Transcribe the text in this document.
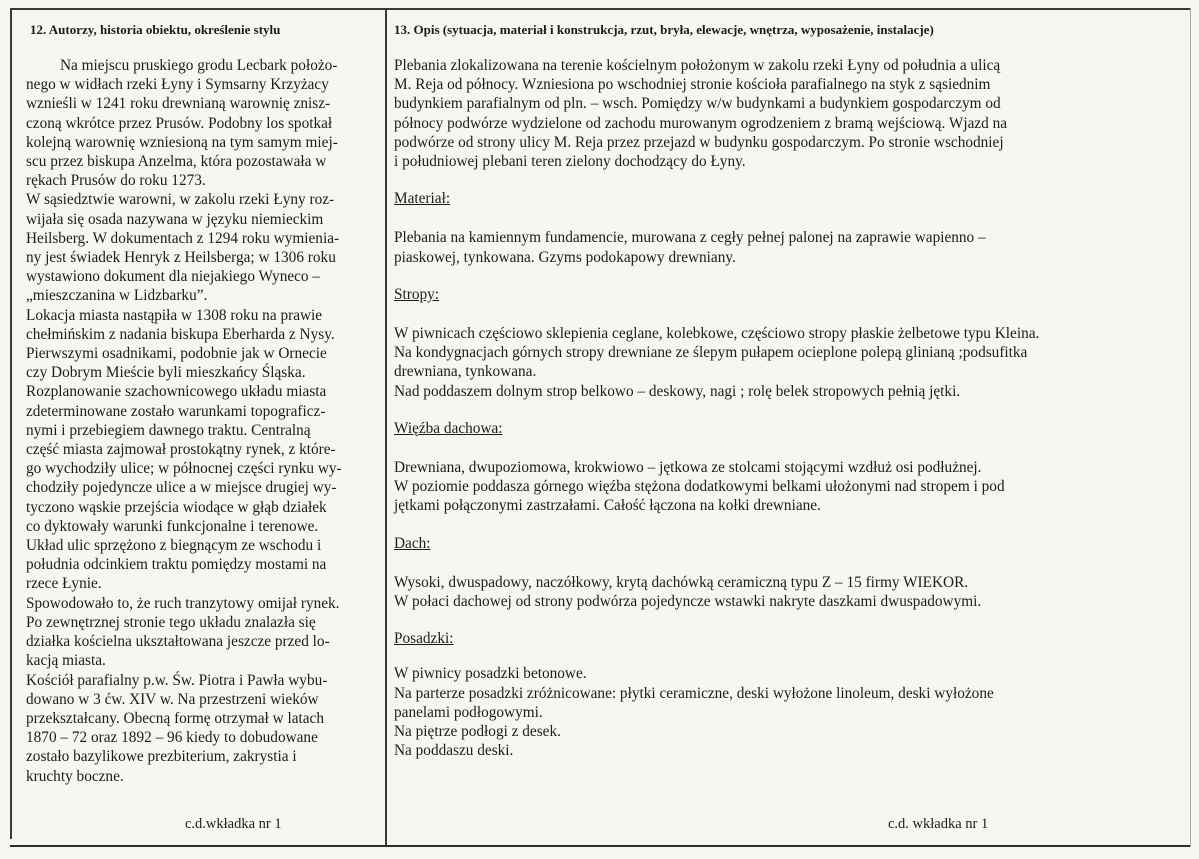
12. Autorzy, historia obiektu, określenie stylu
Na miejscu pruskiego grodu Lecbark położo-
nego w widłach rzeki Łyny i Symsarny Krzyżacy
wznieśli w 1241 roku drewnianą warownię znisz-
czoną wkrótce przez Prusów. Podobny los spotkał
kolejną warownię wzniesioną na tym samym miej-
scu przez biskupa Anzelma, która pozostawała w
rękach Prusów do roku 1273.
W sąsiedztwie warowni, w zakolu rzeki Łyny roz-
wijała się osada nazywana w języku niemieckim
Heilsberg. W dokumentach z 1294 roku wymienia-
ny jest świadek Henryk z Heilsberga; w 1306 roku
wystawiono dokument dla niejakiego Wyneco –
„mieszczanina w Lidzbarku”.
Lokacja miasta nastąpiła w 1308 roku na prawie
chełmińskim z nadania biskupa Eberharda z Nysy.
Pierwszymi osadnikami, podobnie jak w Ornecie
czy Dobrym Mieście byli mieszkańcy Śląska.
Rozplanowanie szachownicowego układu miasta
zdeterminowane zostało warunkami topograficz-
nymi i przebiegiem dawnego traktu. Centralną
część miasta zajmował prostokątny rynek, z które-
go wychodziły ulice; w północnej części rynku wy-
chodziły pojedyncze ulice a w miejsce drugiej wy-
tyczono wąskie przejścia wiodące w głąb działek
co dyktowały warunki funkcjonalne i terenowe.
Układ ulic sprzężono z biegnącym ze wschodu i
południa odcinkiem traktu pomiędzy mostami na
rzece Łynie.
Spowodowało to, że ruch tranzytowy omijał rynek.
Po zewnętrznej stronie tego układu znalazła się
działka kościelna ukształtowana jeszcze przed lo-
kacją miasta.
Kościół parafialny p.w. Św. Piotra i Pawła wybu-
dowano w 3 ćw. XIV w. Na przestrzeni wieków
przekształcany. Obecną formę otrzymał w latach
1870 – 72 oraz 1892 – 96 kiedy to dobudowane
zostało bazylikowe prezbiterium, zakrystia i
kruchty boczne.
13. Opis (sytuacja, materiał i konstrukcja, rzut, bryła, elewacje, wnętrza, wyposażenie, instalacje)
Plebania zlokalizowana na terenie kościelnym położonym w zakolu rzeki Łyny od południa a ulicą
M. Reja od północy. Wzniesiona po wschodniej stronie kościoła parafialnego na styk z sąsiednim
budynkiem parafialnym od pln. – wsch. Pomiędzy w/w budynkami a budynkiem gospodarczym od
północy podwórze wydzielone od zachodu murowanym ogrodzeniem z bramą wejściową. Wjazd na
podwórze od strony ulicy M. Reja przez przejazd w budynku gospodarczym. Po stronie wschodniej
i południowej plebani teren zielony dochodzący do Łyny.
Materiał:
Plebania na kamiennym fundamencie, murowana z cegły pełnej palonej na zaprawie wapienno –
piaskowej, tynkowana. Gzyms podokapowy drewniany.
Stropy:
W piwnicach częściowo sklepienia ceglane, kolebkowe, częściowo stropy płaskie żelbetowe typu Kleina.
Na kondygnacjach górnych stropy drewniane ze ślepym pułapem ocieplone polepą glinianą ;podsufitka
drewniana, tynkowana.
Nad poddaszem dolnym strop belkowo – deskowy, nagi ; rolę belek stropowych pełnią jętki.
Więźba dachowa:
Drewniana, dwupoziomowa, krokwiowo – jętkowa ze stolcami stojącymi wzdłuż osi podłużnej.
W poziomie poddasza górnego więźba stężona dodatkowymi belkami ułożonymi nad stropem i pod
jętkami połączonymi zastrzałami. Całość łączona na kołki drewniane.
Dach:
Wysoki, dwuspadowy, naczółkowy, krytą dachówką ceramiczną typu Z – 15 firmy WIEKOR.
W połaci dachowej od strony podwórza pojedyncze wstawki nakryte daszkami dwuspadowymi.
Posadzki:
W piwnicy posadzki betonowe.
Na parterze posadzki zróżnicowane: płytki ceramiczne, deski wyłożone linoleum, deski wyłożone
panelami podłogowymi.
Na piętrze podłogi z desek.
Na poddaszu deski.
c.d.wkładka nr 1	c.d. wkładka nr 1
